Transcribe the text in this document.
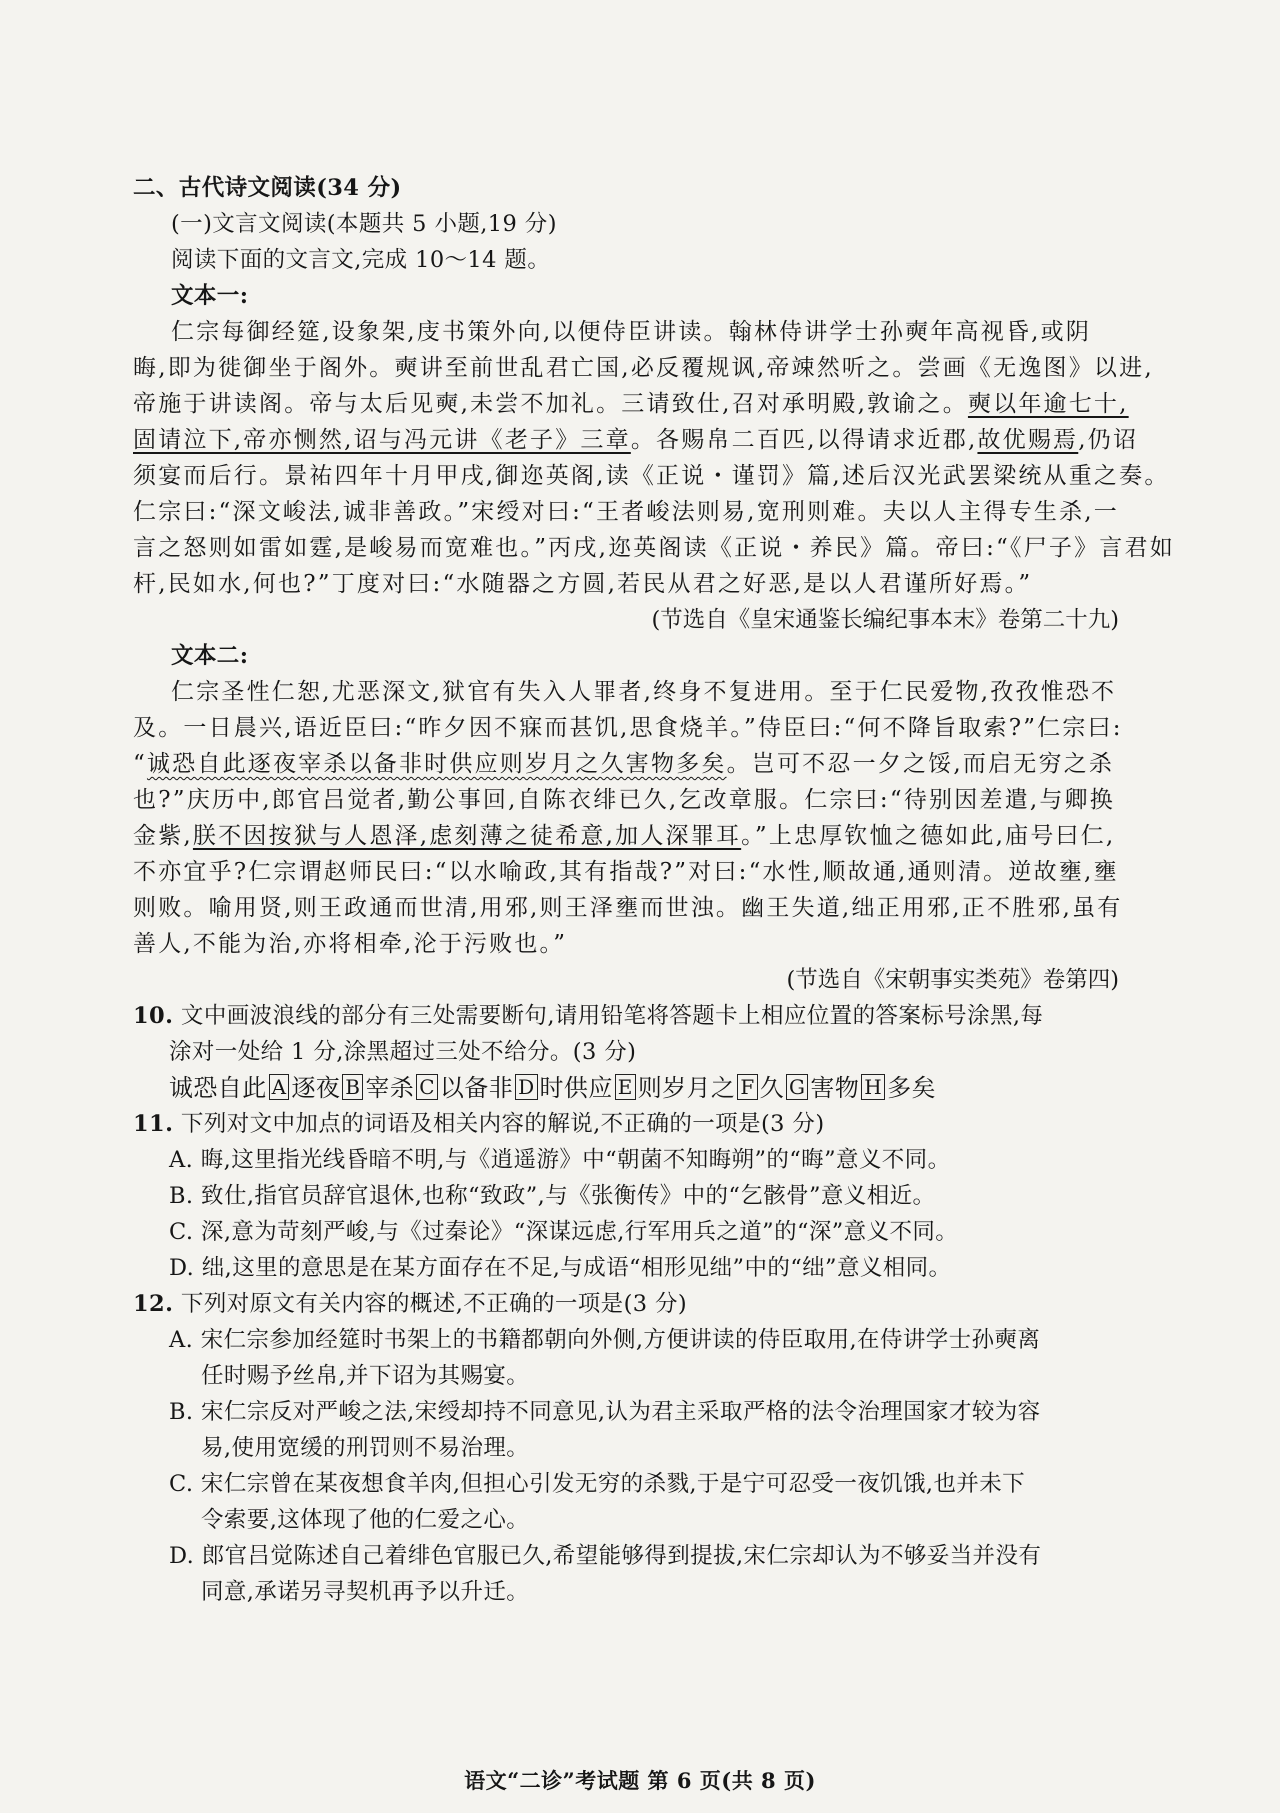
二、古代诗文阅读(34 分)
(一)文言文阅读(本题共 5 小题,19 分)
阅读下面的文言文,完成 10～14 题。
文本一:
仁宗每御经筵,设象架,庋书策外向,以便侍臣讲读。翰林侍讲学士孙奭年高视昏,或阴
晦,即为徙御坐于阁外。奭讲至前世乱君亡国,必反覆规讽,帝竦然听之。尝画《无逸图》以进,
帝施于讲读阁。帝与太后见奭,未尝不加礼。三请致仕,召对承明殿,敦谕之。奭以年逾七十,
固请泣下,帝亦恻然,诏与冯元讲《老子》三章。各赐帛二百匹,以得请求近郡,故优赐焉,仍诏
须宴而后行。景祐四年十月甲戌,御迩英阁,读《正说・谨罚》篇,述后汉光武罢梁统从重之奏。
仁宗曰:“深文峻法,诚非善政。”宋绶对曰:“王者峻法则易,宽刑则难。夫以人主得专生杀,一
言之怒则如雷如霆,是峻易而宽难也。”丙戌,迩英阁读《正说・养民》篇。帝曰:“《尸子》言君如
杆,民如水,何也?”丁度对曰:“水随器之方圆,若民从君之好恶,是以人君谨所好焉。”
(节选自《皇宋通鉴长编纪事本末》卷第二十九)
文本二:
仁宗圣性仁恕,尤恶深文,狱官有失入人罪者,终身不复进用。至于仁民爱物,孜孜惟恐不
及。一日晨兴,语近臣曰:“昨夕因不寐而甚饥,思食烧羊。”侍臣曰:“何不降旨取索?”仁宗曰:
“诚恐自此逐夜宰杀以备非时供应则岁月之久害物多矣。岂可不忍一夕之馁,而启无穷之杀
也?”庆历中,郎官吕觉者,勤公事回,自陈衣绯已久,乞改章服。仁宗曰:“待别因差遣,与卿换
金紫,朕不因按狱与人恩泽,虑刻薄之徒希意,加人深罪耳。”上忠厚钦恤之德如此,庙号曰仁,
不亦宜乎?仁宗谓赵师民曰:“以水喻政,其有指哉?”对曰:“水性,顺故通,通则清。逆故壅,壅
则败。喻用贤,则王政通而世清,用邪,则王泽壅而世浊。幽王失道,绌正用邪,正不胜邪,虽有
善人,不能为治,亦将相牵,沦于污败也。”
(节选自《宋朝事实类苑》卷第四)
10. 文中画波浪线的部分有三处需要断句,请用铅笔将答题卡上相应位置的答案标号涂黑,每
涂对一处给 1 分,涂黑超过三处不给分。(3 分)
诚恐自此 A 逐夜 B 宰杀 C 以备非 D 时供应 E 则岁月之 F 久 G 害物 H 多矣
11. 下列对文中加点的词语及相关内容的解说,不正确的一项是(3 分)
A. 晦,这里指光线昏暗不明,与《逍遥游》中“朝菌不知晦朔”的“晦”意义不同。
B. 致仕,指官员辞官退休,也称“致政”,与《张衡传》中的“乞骸骨”意义相近。
C. 深,意为苛刻严峻,与《过秦论》“深谋远虑,行军用兵之道”的“深”意义不同。
D. 绌,这里的意思是在某方面存在不足,与成语“相形见绌”中的“绌”意义相同。
12. 下列对原文有关内容的概述,不正确的一项是(3 分)
A. 宋仁宗参加经筵时书架上的书籍都朝向外侧,方便讲读的侍臣取用,在侍讲学士孙奭离
任时赐予丝帛,并下诏为其赐宴。
B. 宋仁宗反对严峻之法,宋绶却持不同意见,认为君主采取严格的法令治理国家才较为容
易,使用宽缓的刑罚则不易治理。
C. 宋仁宗曾在某夜想食羊肉,但担心引发无穷的杀戮,于是宁可忍受一夜饥饿,也并未下
令索要,这体现了他的仁爱之心。
D. 郎官吕觉陈述自己着绯色官服已久,希望能够得到提拔,宋仁宗却认为不够妥当并没有
同意,承诺另寻契机再予以升迁。
语文“二诊”考试题 第 6 页(共 8 页)
